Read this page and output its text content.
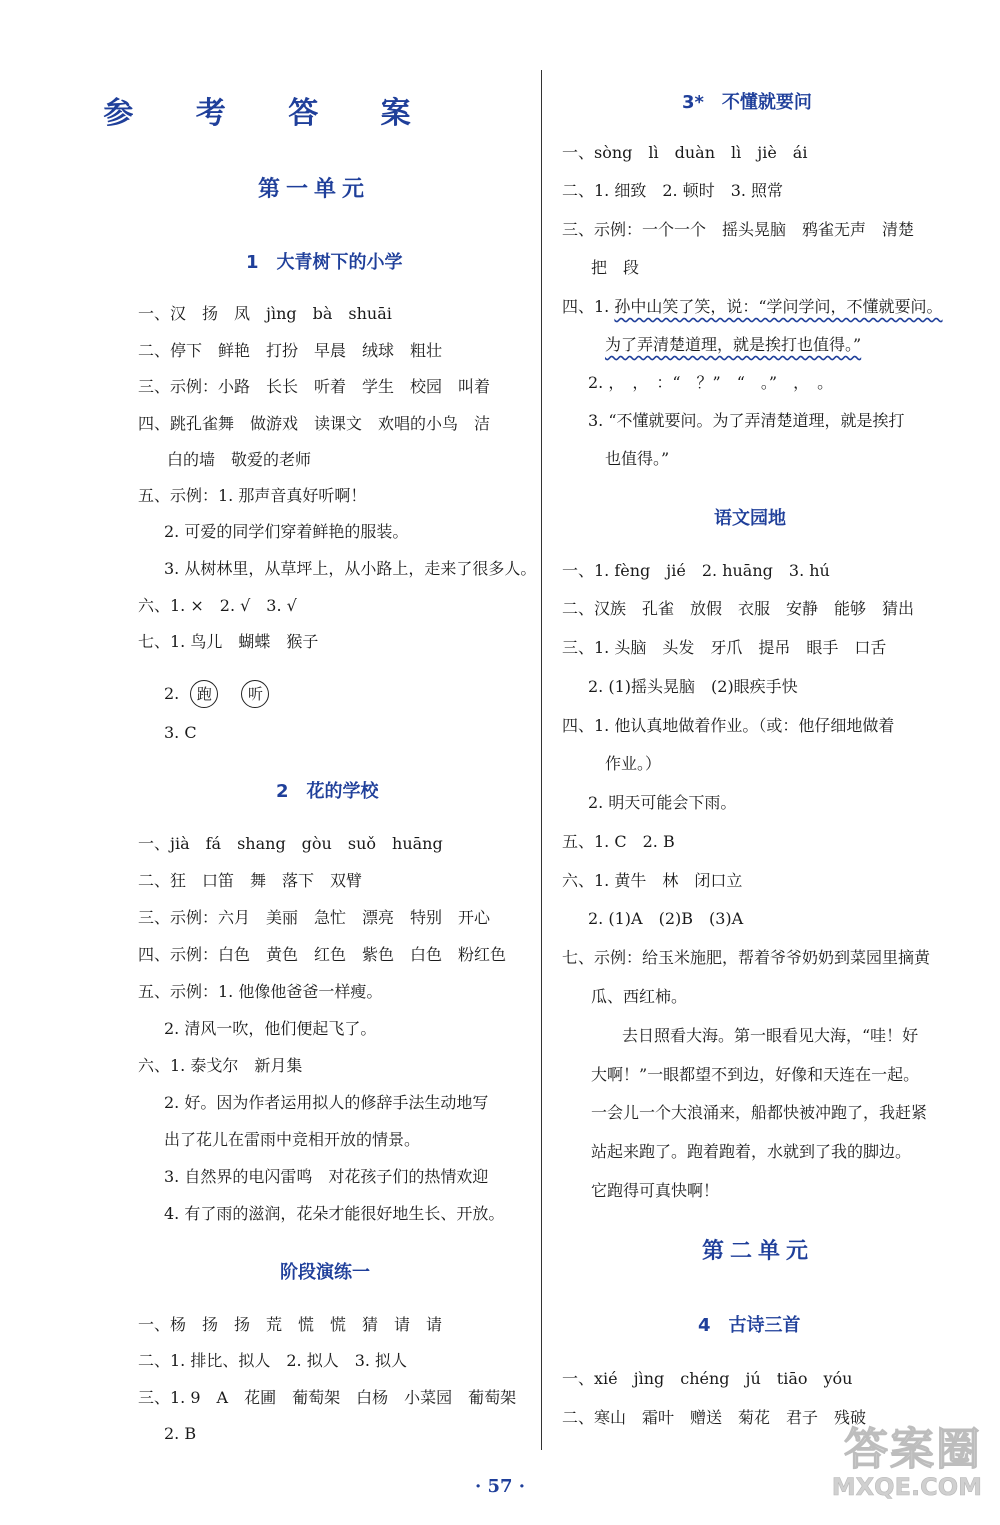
参 考 答 案
第一单元
1　大青树下的小学
一、汉　扬　凤　jìng　bà　shuāi
二、停下　鲜艳　打扮　早晨　绒球　粗壮
三、示例：小路　长长　听着　学生　校园　叫着
四、跳孔雀舞　做游戏　读课文　欢唱的小鸟　洁
白的墙　敬爱的老师
五、示例：1. 那声音真好听啊！
2. 可爱的同学们穿着鲜艳的服装。
3. 从树林里，从草坪上，从小路上，走来了很多人。
六、1. ×　2. √　3. √
七、1. 鸟儿　蝴蝶　猴子
2. 跑 听
3. C
2　花的学校
一、jià　fá　shang　gòu　suǒ　huāng
二、狂　口笛　舞　落下　双臂
三、示例：六月　美丽　急忙　漂亮　特别　开心
四、示例：白色　黄色　红色　紫色　白色　粉红色
五、示例：1. 他像他爸爸一样瘦。
2. 清风一吹，他们便起飞了。
六、1. 泰戈尔　新月集
2. 好。因为作者运用拟人的修辞手法生动地写
出了花儿在雷雨中竞相开放的情景。
3. 自然界的电闪雷鸣　对花孩子们的热情欢迎
4. 有了雨的滋润，花朵才能很好地生长、开放。
阶段演练一
一、杨　扬　扬　荒　慌　慌　猜　请　请
二、1. 排比、拟人　2. 拟人　3. 拟人
三、1. 9　A　花圃　葡萄架　白杨　小菜园　葡萄架
2. B
3*　不懂就要问
一、sòng　lì　duàn　lì　jiè　ái
二、1. 细致　2. 顿时　3. 照常
三、示例：一个一个　摇头晃脑　鸦雀无声　清楚
把　段
四、1. 孙中山笑了笑，说：“学问学问，不懂就要问。
为了弄清楚道理，就是挨打也值得。”
2. ，　，　：“　？”　“　。”　，　。
3. “不懂就要问。为了弄清楚道理，就是挨打
也值得。”
语文园地
一、1. fèng　jié　2. huāng　3. hú
二、汉族　孔雀　放假　衣服　安静　能够　猜出
三、1. 头脑　头发　牙爪　提吊　眼手　口舌
2. (1)摇头晃脑　(2)眼疾手快
四、1. 他认真地做着作业。（或：他仔细地做着
作业。）
2. 明天可能会下雨。
五、1. C　2. B
六、1. 黄牛　林　闭口立
2. (1)A　(2)B　(3)A
七、示例：给玉米施肥，帮着爷爷奶奶到菜园里摘黄
瓜、西红柿。
去日照看大海。第一眼看见大海，“哇！好
大啊！”一眼都望不到边，好像和天连在一起。
一会儿一个大浪涌来，船都快被冲跑了，我赶紧
站起来跑了。跑着跑着，水就到了我的脚边。
它跑得可真快啊！
第二单元
4　古诗三首
一、xié　jìng　chéng　jú　tiāo　yóu
二、寒山　霜叶　赠送　菊花　君子　残破
· 57 ·
答案圈
MXQE.COM
